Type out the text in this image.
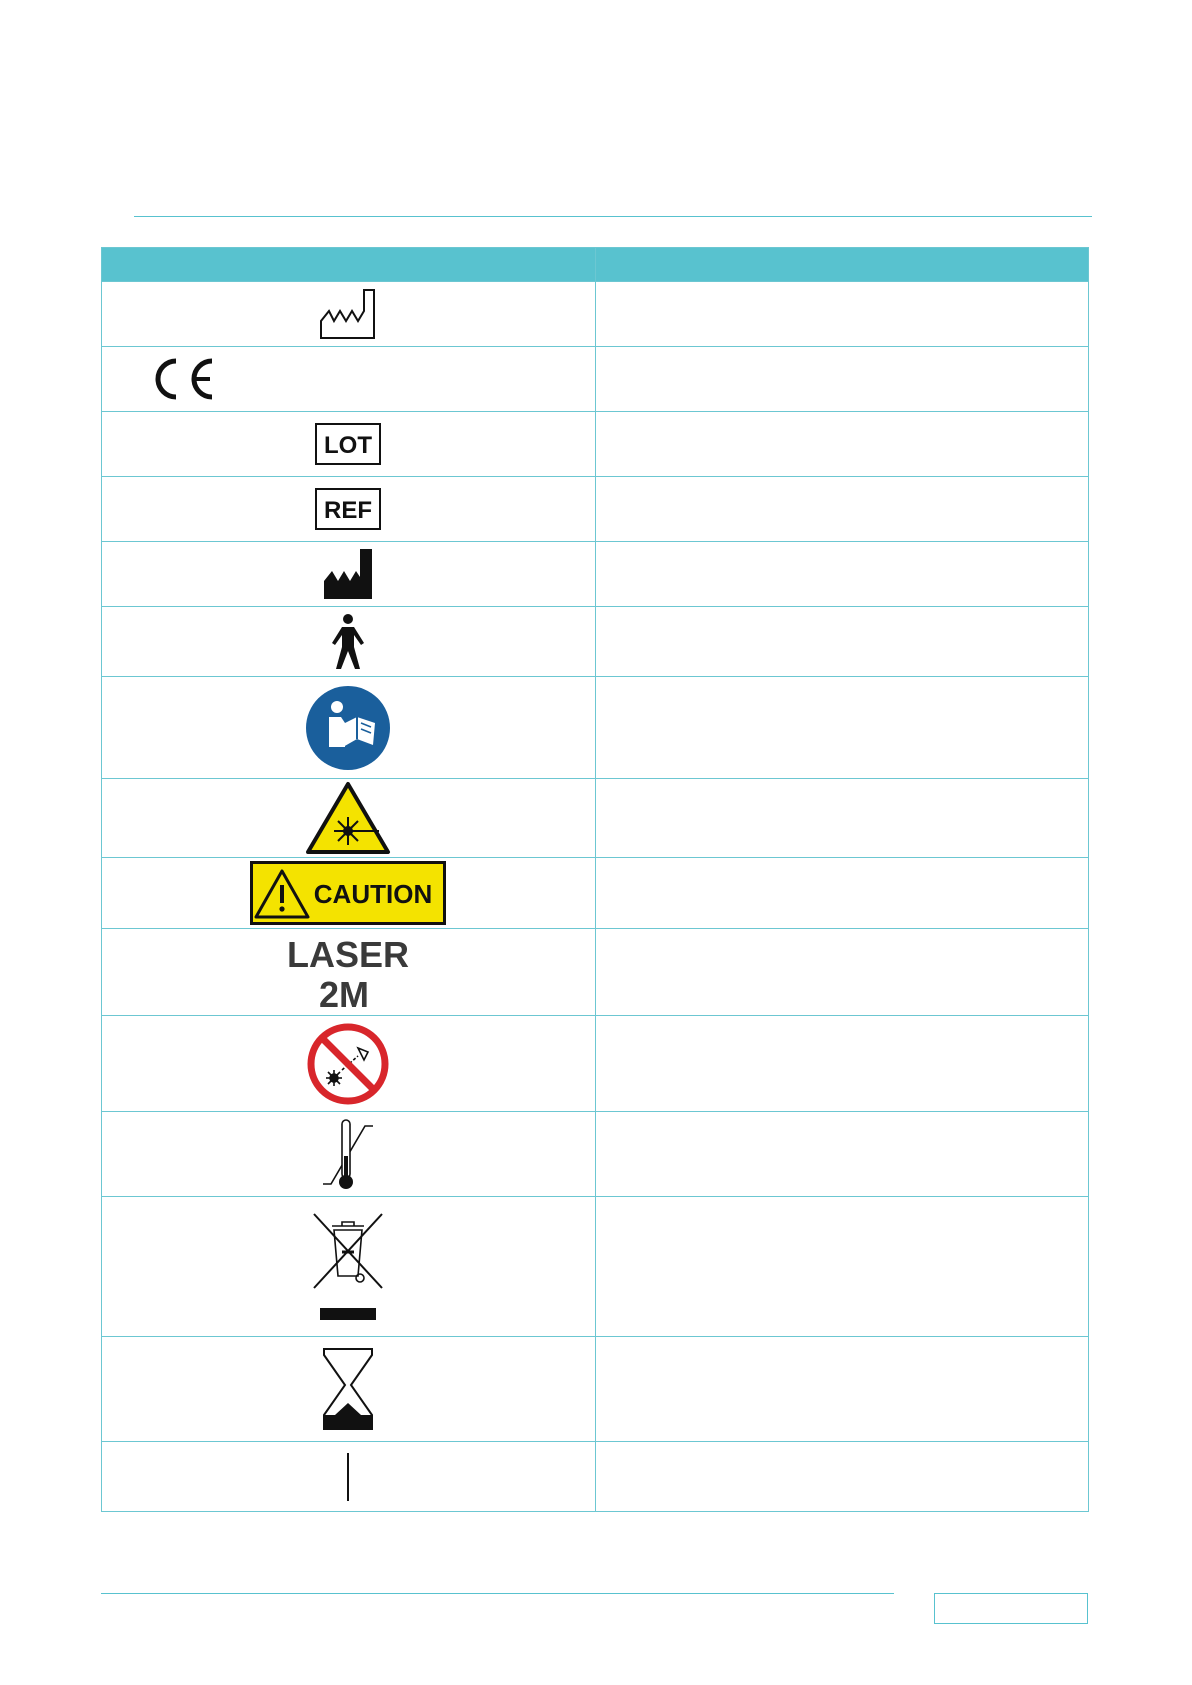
LOT	

REF	

CAUTION	

LASER
2M	
